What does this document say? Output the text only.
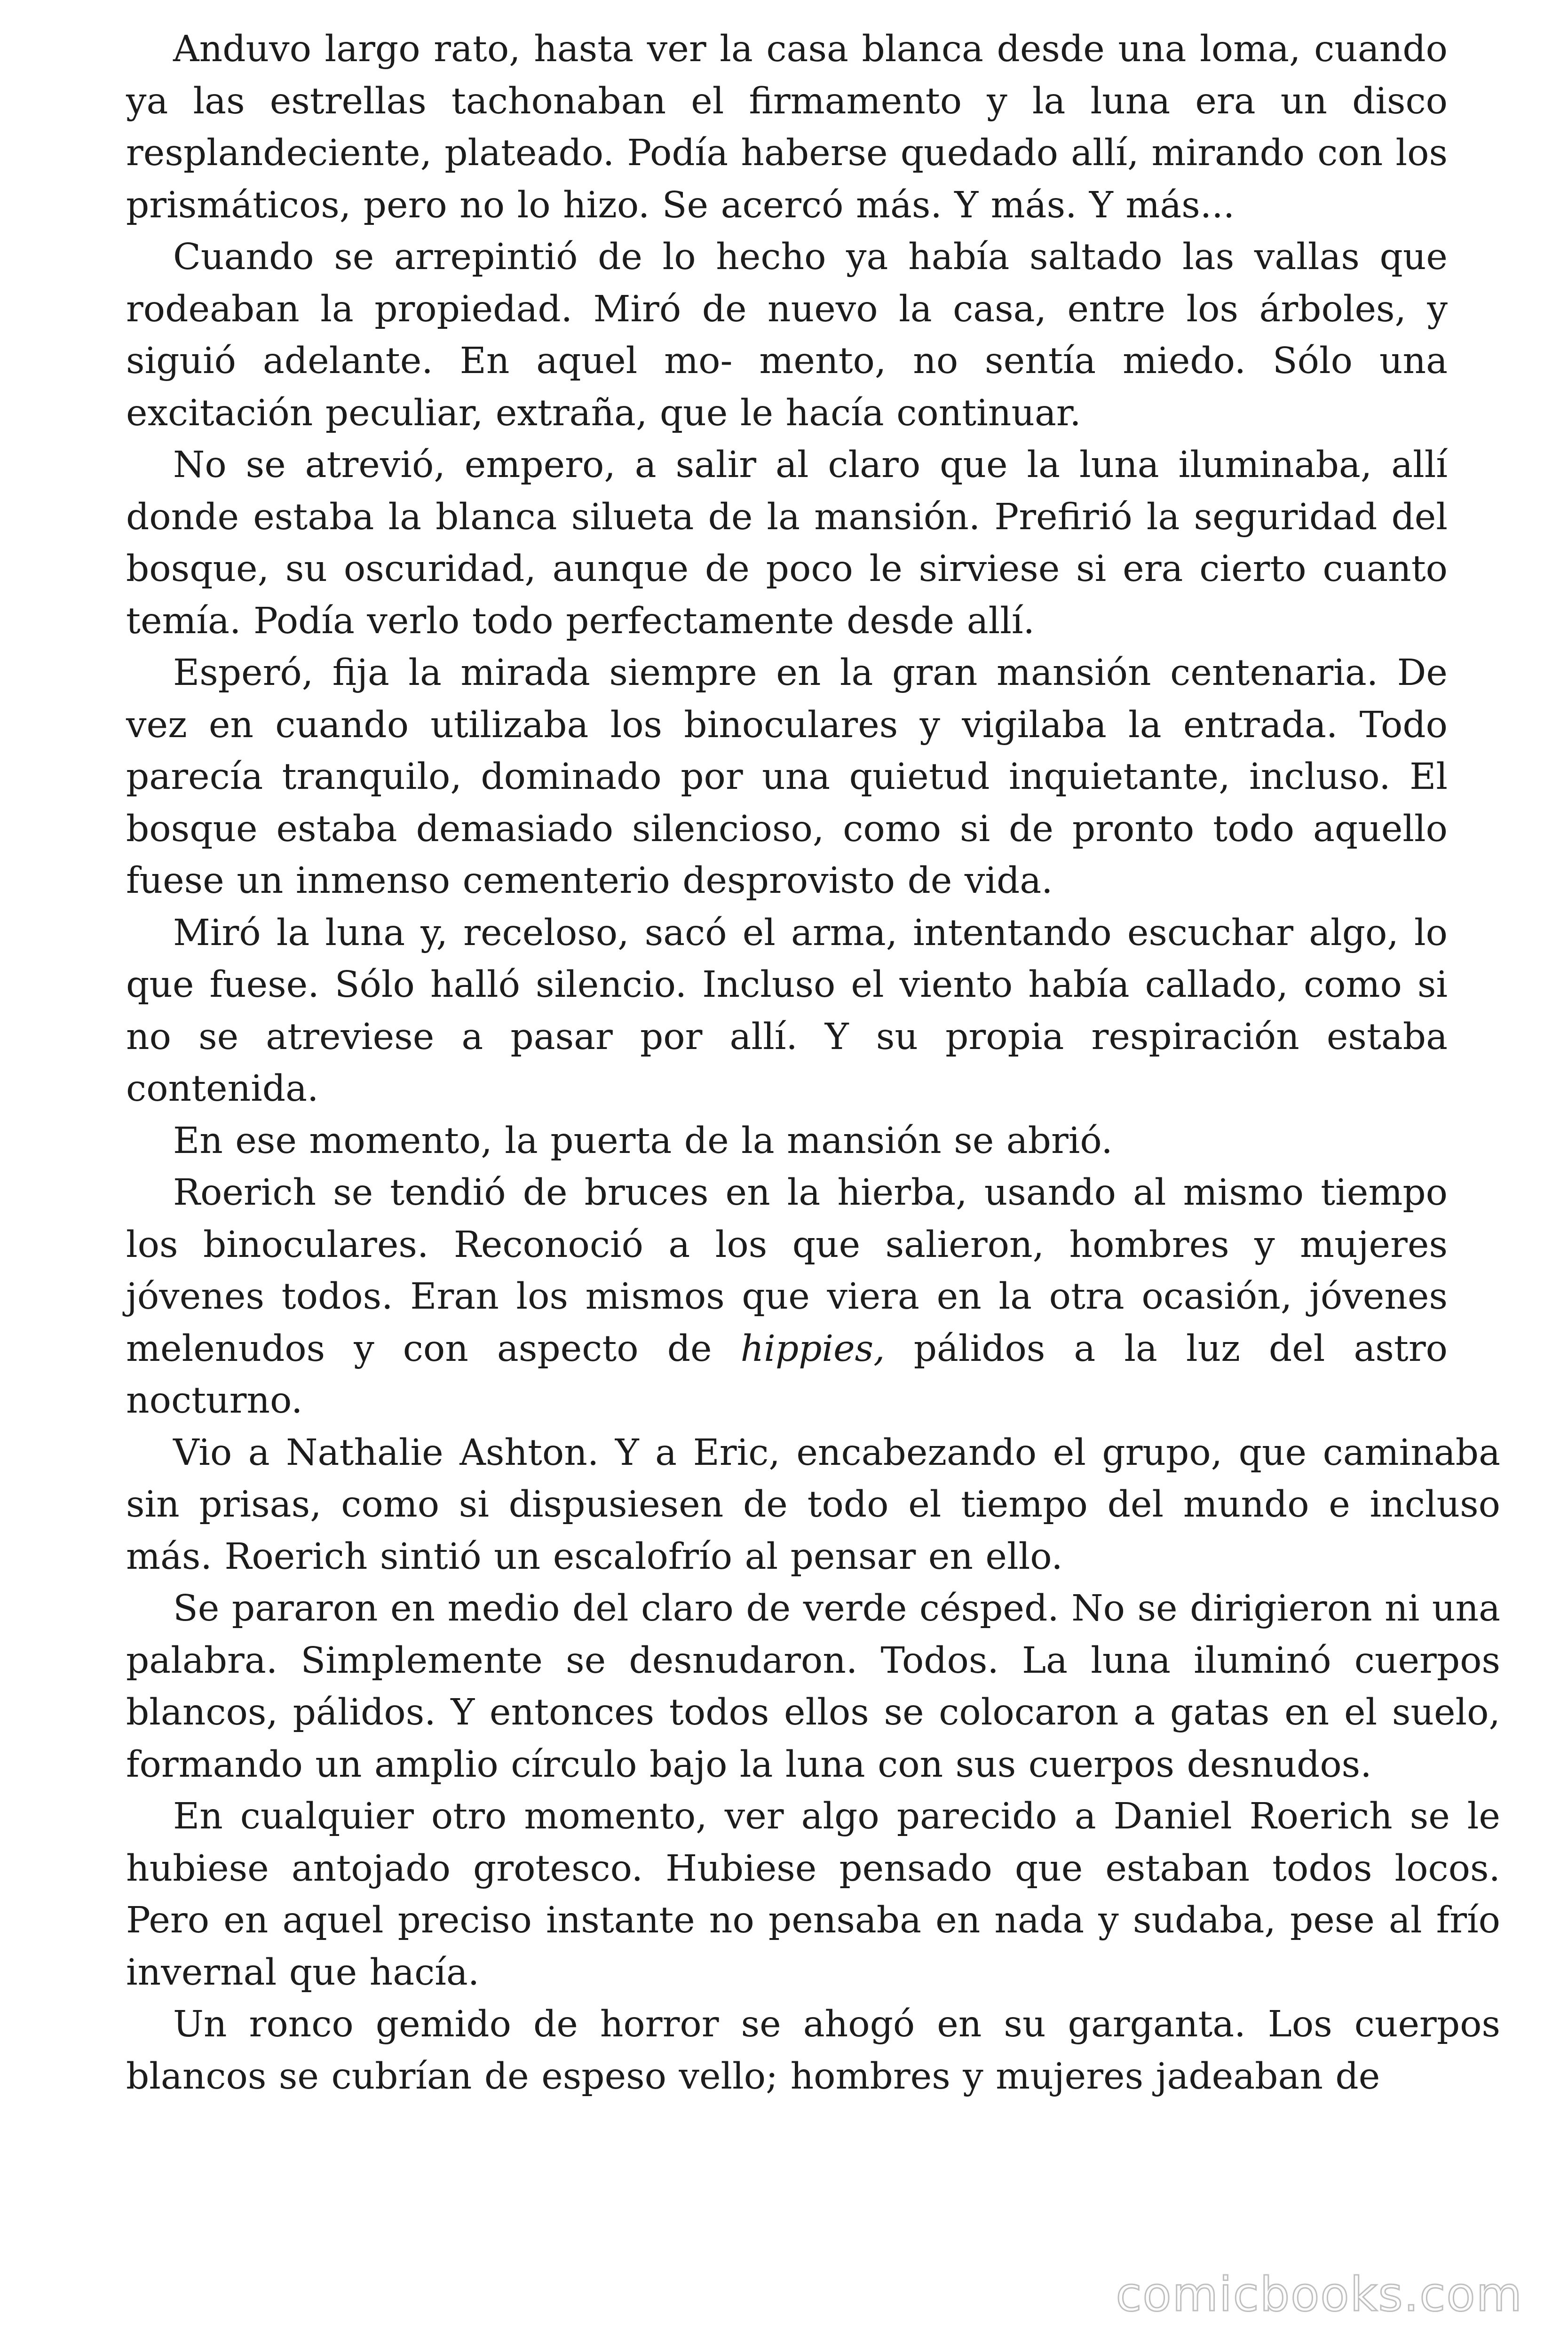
Anduvo largo rato, hasta ver la casa blanca desde una loma, cuando ya las estrellas tachonaban el firmamento y la luna era un disco resplandeciente, plateado. Podía haberse quedado allí, mirando con los prismáticos, pero no lo hizo. Se acercó más. Y más. Y más...

Cuando se arrepintió de lo hecho ya había saltado las vallas que rodeaban la propiedad. Miró de nuevo la casa, entre los árboles, y siguió adelante. En aquel mo- mento, no sentía miedo. Sólo una excitación peculiar, extraña, que le hacía continuar.

No se atrevió, empero, a salir al claro que la luna iluminaba, allí donde estaba la blanca silueta de la mansión. Prefirió la seguridad del bosque, su oscuridad, aunque de poco le sirviese si era cierto cuanto temía. Podía verlo todo perfectamente desde allí.

Esperó, fija la mirada siempre en la gran mansión centenaria. De vez en cuando utilizaba los binoculares y vigilaba la entrada. Todo parecía tranquilo, dominado por una quietud inquietante, incluso. El bosque estaba demasiado silencioso, como si de pronto todo aquello fuese un inmenso cementerio desprovisto de vida.

Miró la luna y, receloso, sacó el arma, intentando escuchar algo, lo que fuese. Sólo halló silencio. Incluso el viento había callado, como si no se atreviese a pasar por allí. Y su propia respiración estaba contenida.

En ese momento, la puerta de la mansión se abrió.

Roerich se tendió de bruces en la hierba, usando al mismo tiempo los binoculares. Reconoció a los que salieron, hombres y mujeres jóvenes todos. Eran los mismos que viera en la otra ocasión, jóvenes melenudos y con aspecto de hippies, pálidos a la luz del astro nocturno.

Vio a Nathalie Ashton. Y a Eric, encabezando el grupo, que caminaba sin prisas, como si dispusiesen de todo el tiempo del mundo e incluso más. Roerich sintió un escalofrío al pensar en ello.

Se pararon en medio del claro de verde césped. No se dirigieron ni una palabra. Simplemente se desnudaron. Todos. La luna iluminó cuerpos blancos, pálidos. Y entonces todos ellos se colocaron a gatas en el suelo, formando un amplio círculo bajo la luna con sus cuerpos desnudos.

En cualquier otro momento, ver algo parecido a Daniel Roerich se le hubiese antojado grotesco. Hubiese pensado que estaban todos locos. Pero en aquel preciso instante no pensaba en nada y sudaba, pese al frío invernal que hacía.

Un ronco gemido de horror se ahogó en su garganta. Los cuerpos blancos se cubrían de espeso vello; hombres y mujeres jadeaban de

comicbooks.com
